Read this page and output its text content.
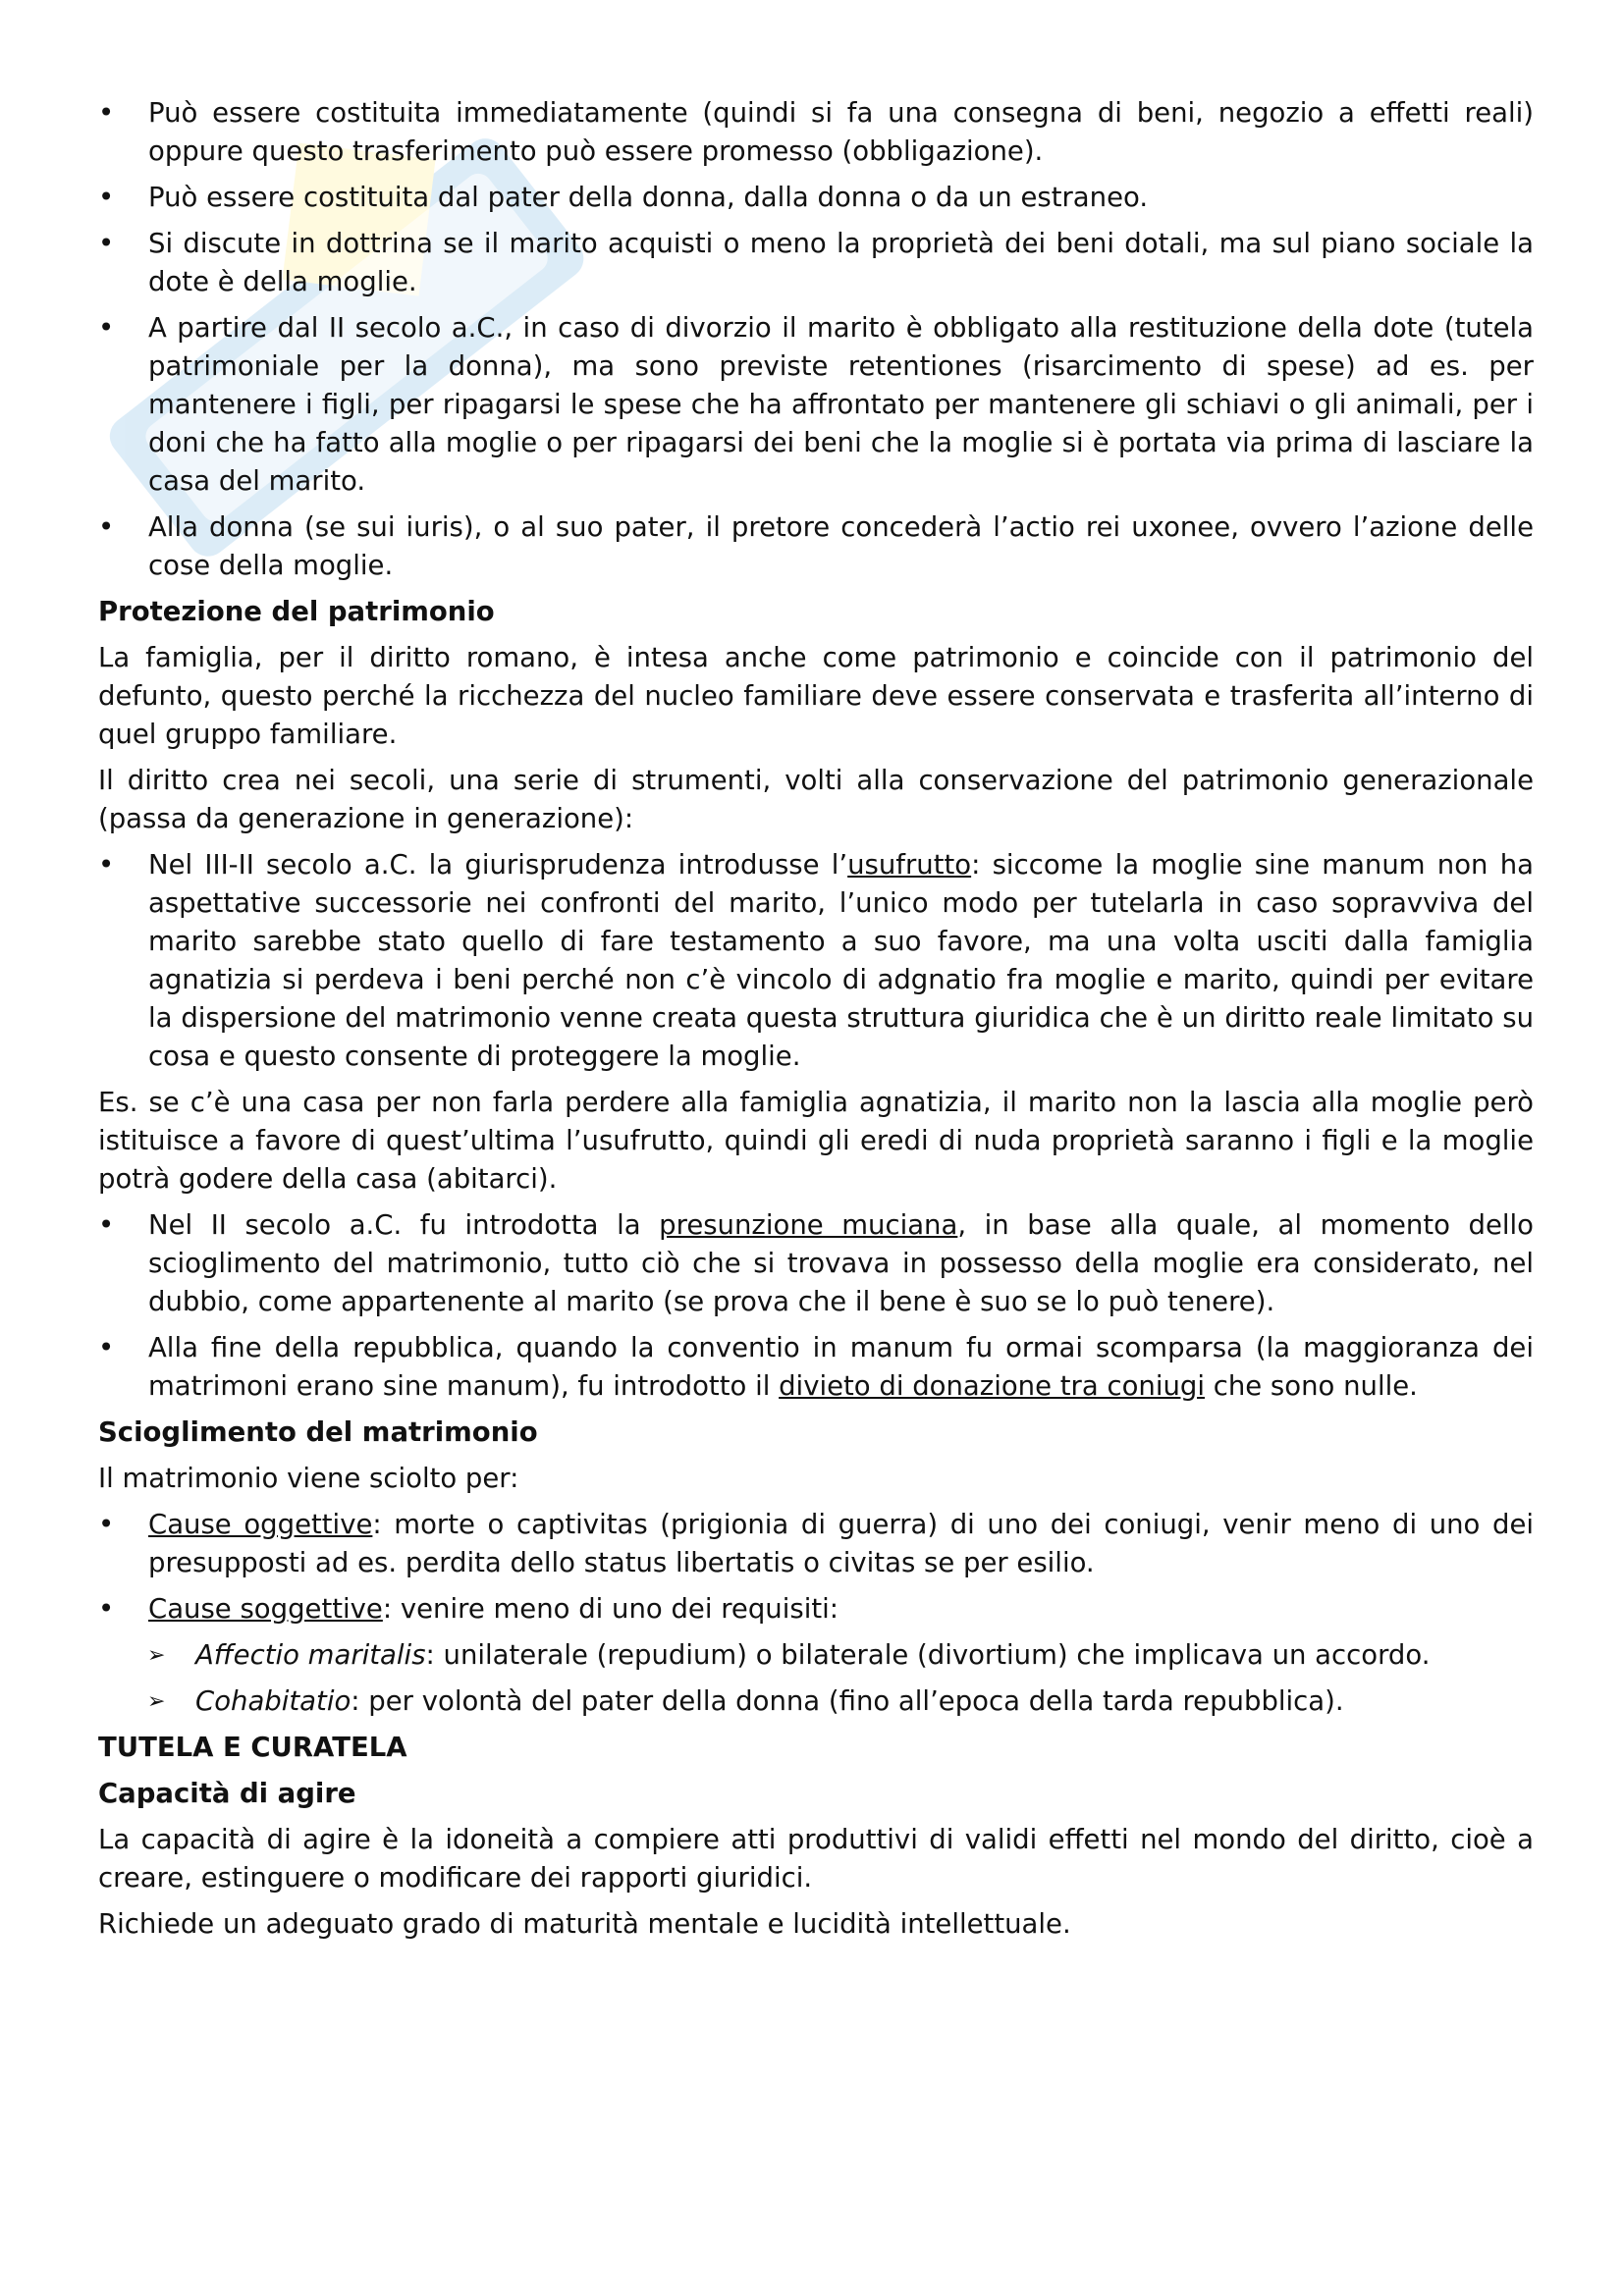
• Può essere costituita immediatamente (quindi si fa una consegna di beni, negozio a effetti reali) oppure questo trasferimento può essere promesso (obbligazione).
• Può essere costituita dal pater della donna, dalla donna o da un estraneo.
• Si discute in dottrina se il marito acquisti o meno la proprietà dei beni dotali, ma sul piano sociale la dote è della moglie.
• A partire dal II secolo a.C., in caso di divorzio il marito è obbligato alla restituzione della dote (tutela patrimoniale per la donna), ma sono previste retentiones (risarcimento di spese) ad es. per mantenere i figli, per ripagarsi le spese che ha affrontato per mantenere gli schiavi o gli animali, per i doni che ha fatto alla moglie o per ripagarsi dei beni che la moglie si è portata via prima di lasciare la casa del marito.
• Alla donna (se sui iuris), o al suo pater, il pretore concederà l’actio rei uxonee, ovvero l’azione delle cose della moglie.
Protezione del patrimonio

La famiglia, per il diritto romano, è intesa anche come patrimonio e coincide con il patrimonio del defunto, questo perché la ricchezza del nucleo familiare deve essere conservata e trasferita all’interno di quel gruppo familiare.

Il diritto crea nei secoli, una serie di strumenti, volti alla conservazione del patrimonio generazionale (passa da generazione in generazione):

• Nel III-II secolo a.C. la giurisprudenza introdusse l’usufrutto: siccome la moglie sine manum non ha aspettative successorie nei confronti del marito, l’unico modo per tutelarla in caso sopravviva del marito sarebbe stato quello di fare testamento a suo favore, ma una volta usciti dalla famiglia agnatizia si perdeva i beni perché non c’è vincolo di adgnatio fra moglie e marito, quindi per evitare la dispersione del matrimonio venne creata questa struttura giuridica che è un diritto reale limitato su cosa e questo consente di proteggere la moglie.

Es. se c’è una casa per non farla perdere alla famiglia agnatizia, il marito non la lascia alla moglie però istituisce a favore di quest’ultima l’usufrutto, quindi gli eredi di nuda proprietà saranno i figli e la moglie potrà godere della casa (abitarci).

• Nel II secolo a.C. fu introdotta la presunzione muciana, in base alla quale, al momento dello scioglimento del matrimonio, tutto ciò che si trovava in possesso della moglie era considerato, nel dubbio, come appartenente al marito (se prova che il bene è suo se lo può tenere).
• Alla fine della repubblica, quando la conventio in manum fu ormai scomparsa (la maggioranza dei matrimoni erano sine manum), fu introdotto il divieto di donazione tra coniugi che sono nulle.
Scioglimento del matrimonio

Il matrimonio viene sciolto per:

• Cause oggettive: morte o captivitas (prigionia di guerra) di uno dei coniugi, venir meno di uno dei presupposti ad es. perdita dello status libertatis o civitas se per esilio.
• Cause soggettive: venire meno di uno dei requisiti:
➢ Affectio maritalis: unilaterale (repudium) o bilaterale (divortium) che implicava un accordo.
➢ Cohabitatio: per volontà del pater della donna (fino all’epoca della tarda repubblica).
TUTELA E CURATELA
Capacità di agire

La capacità di agire è la idoneità a compiere atti produttivi di validi effetti nel mondo del diritto, cioè a creare, estinguere o modificare dei rapporti giuridici.

Richiede un adeguato grado di maturità mentale e lucidità intellettuale.
